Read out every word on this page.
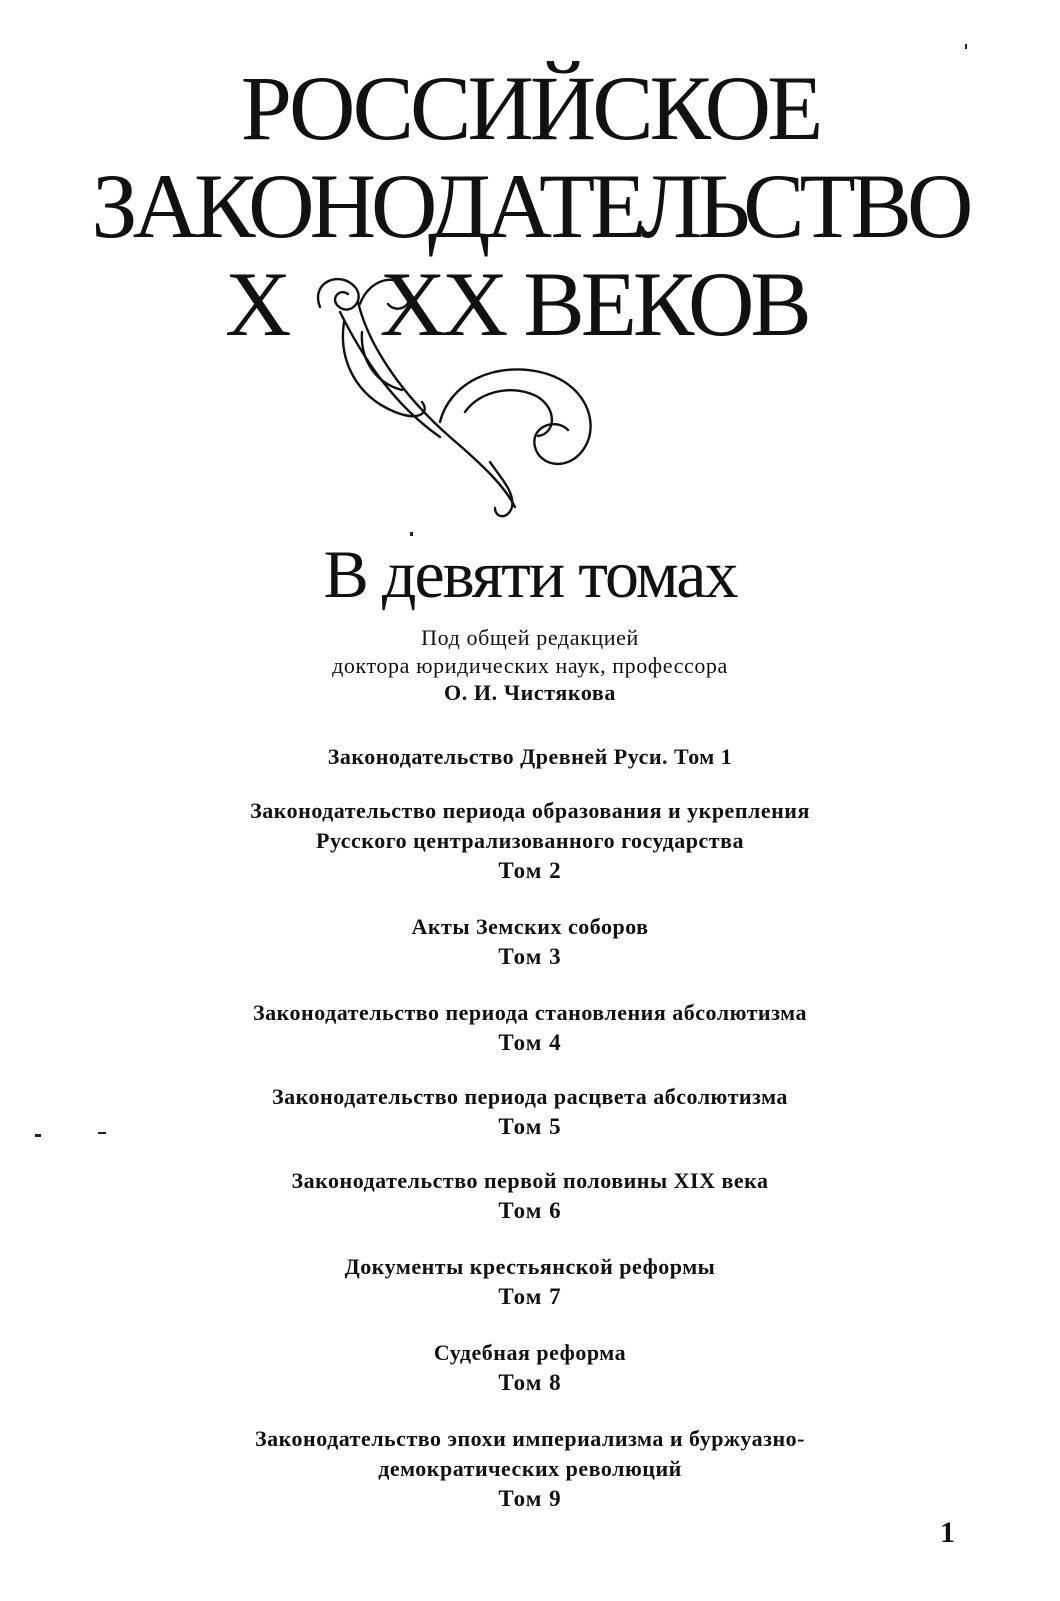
РОССИЙСКОЕ
ЗАКОНОДАТЕЛЬСТВО
X XX ВЕКОВ
В девяти томах
Под общей редакцией
доктора юридических наук, профессора
О. И. Чистякова
Законодательство Древней Руси. Том 1
Законодательство периода образования и укрепления
Русского централизованного государства
Том 2
Акты Земских соборов
Том 3
Законодательство периода становления абсолютизма
Том 4
Законодательство периода расцвета абсолютизма
Том 5
Законодательство первой половины XIX века
Том 6
Документы крестьянской реформы
Том 7
Судебная реформа
Том 8
Законодательство эпохи империализма и буржуазно-
демократических революций
Том 9
1
